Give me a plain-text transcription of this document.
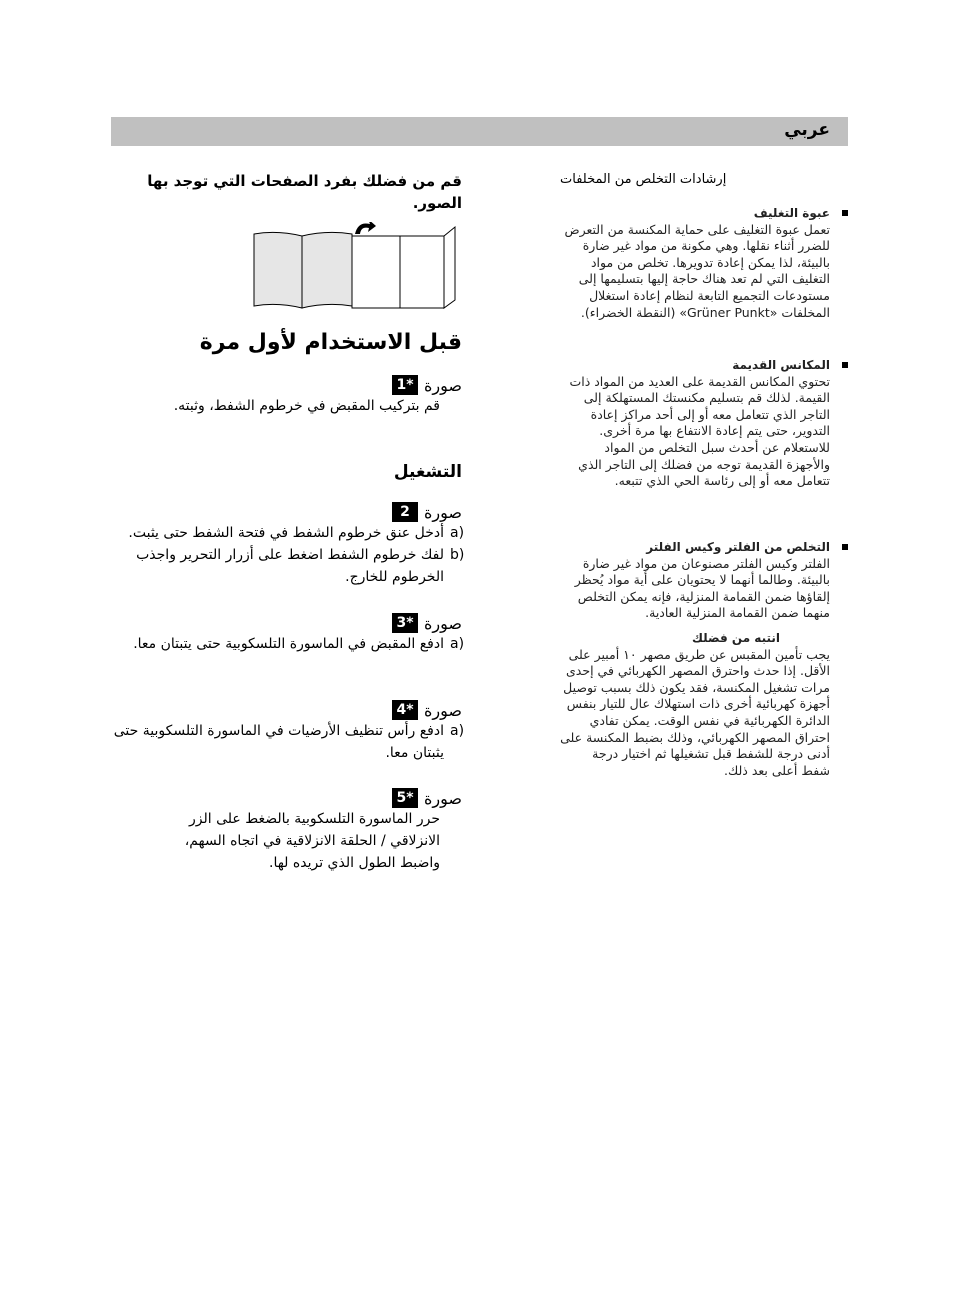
عربي

قم من فضلك بفرد الصفحات التي توجد بها الصور.

قبل الاستخدام لأول مرة
صورة
1*
قم بتركيب المقبض في خرطوم الشفط، وثبته.
التشغيل
صورة
2
a)
أدخل عنق خرطوم الشفط في فتحة الشفط حتى يثبت.
b)
لفك خرطوم الشفط اضغط على أزرار التحرير واجذب الخرطوم للخارج.
صورة
3*
a)
ادفع المقبض في الماسورة التلسكوبية حتى يتبتان معا.
صورة
4*
a)
ادفع رأس تنظيف الأرضيات في الماسورة التلسكوبية حتى يثبتان معا.
صورة
5*
حرر الماسورة التلسكوبية بالضغط على الزر الانزلاقي / الحلقة الانزلاقية في اتجاه السهم، واضبط الطول الذي تريده لها.

إرشادات التخلص من المخلفات

عبوة التغليف
تعمل عبوة التغليف على حماية المكنسة من التعرض للضرر أثناء نقلها. وهي مكونة من مواد غير ضارة بالبيئة، لذا يمكن إعادة تدويرها. تخلص من مواد التغليف التي لم تعد هناك حاجة إليها بتسليمها إلى مستودعات التجميع التابعة لنظام إعادة استغلال المخلفات «Grüner Punkt» (النقطة الخضراء).
المكانس القديمة
تحتوي المكانس القديمة على العديد من المواد ذات القيمة. لذلك قم بتسليم مكنستك المستهلكة إلى التاجر الذي تتعامل معه أو إلى أحد مراكز إعادة التدوير، حتى يتم إعادة الانتفاع بها مرة أخرى. للاستعلام عن أحدث سبل التخلص من المواد والأجهزة القديمة توجه من فضلك إلى التاجر الذي تتعامل معه أو إلى رئاسة الحي الذي تتبعه.
التخلص من الفلتر وكيس الفلتر
الفلتر وكيس الفلتر مصنوعان من مواد غير ضارة بالبيئة. وطالما أنهما لا يحتويان على أية مواد يُحظر إلقاؤها ضمن القمامة المنزلية، فإنه يمكن التخلص منهما ضمن القمامة المنزلية العادية.
انتبه من فضلك
يجب تأمين المقبس عن طريق مصهر ١٠ أمبير على الأقل. إذا حدث واحترق المصهر الكهربائي في إحدى مرات تشغيل المكنسة، فقد يكون ذلك بسبب توصيل أجهزة كهربائية أخرى ذات استهلاك عال للتيار بنفس الدائرة الكهربائية في نفس الوقت. يمكن تفادي احتراق المصهر الكهربائي، وذلك بضبط المكنسة على أدنى درجة للشفط قبل تشغيلها ثم اختيار درجة شفط أعلى بعد ذلك.
